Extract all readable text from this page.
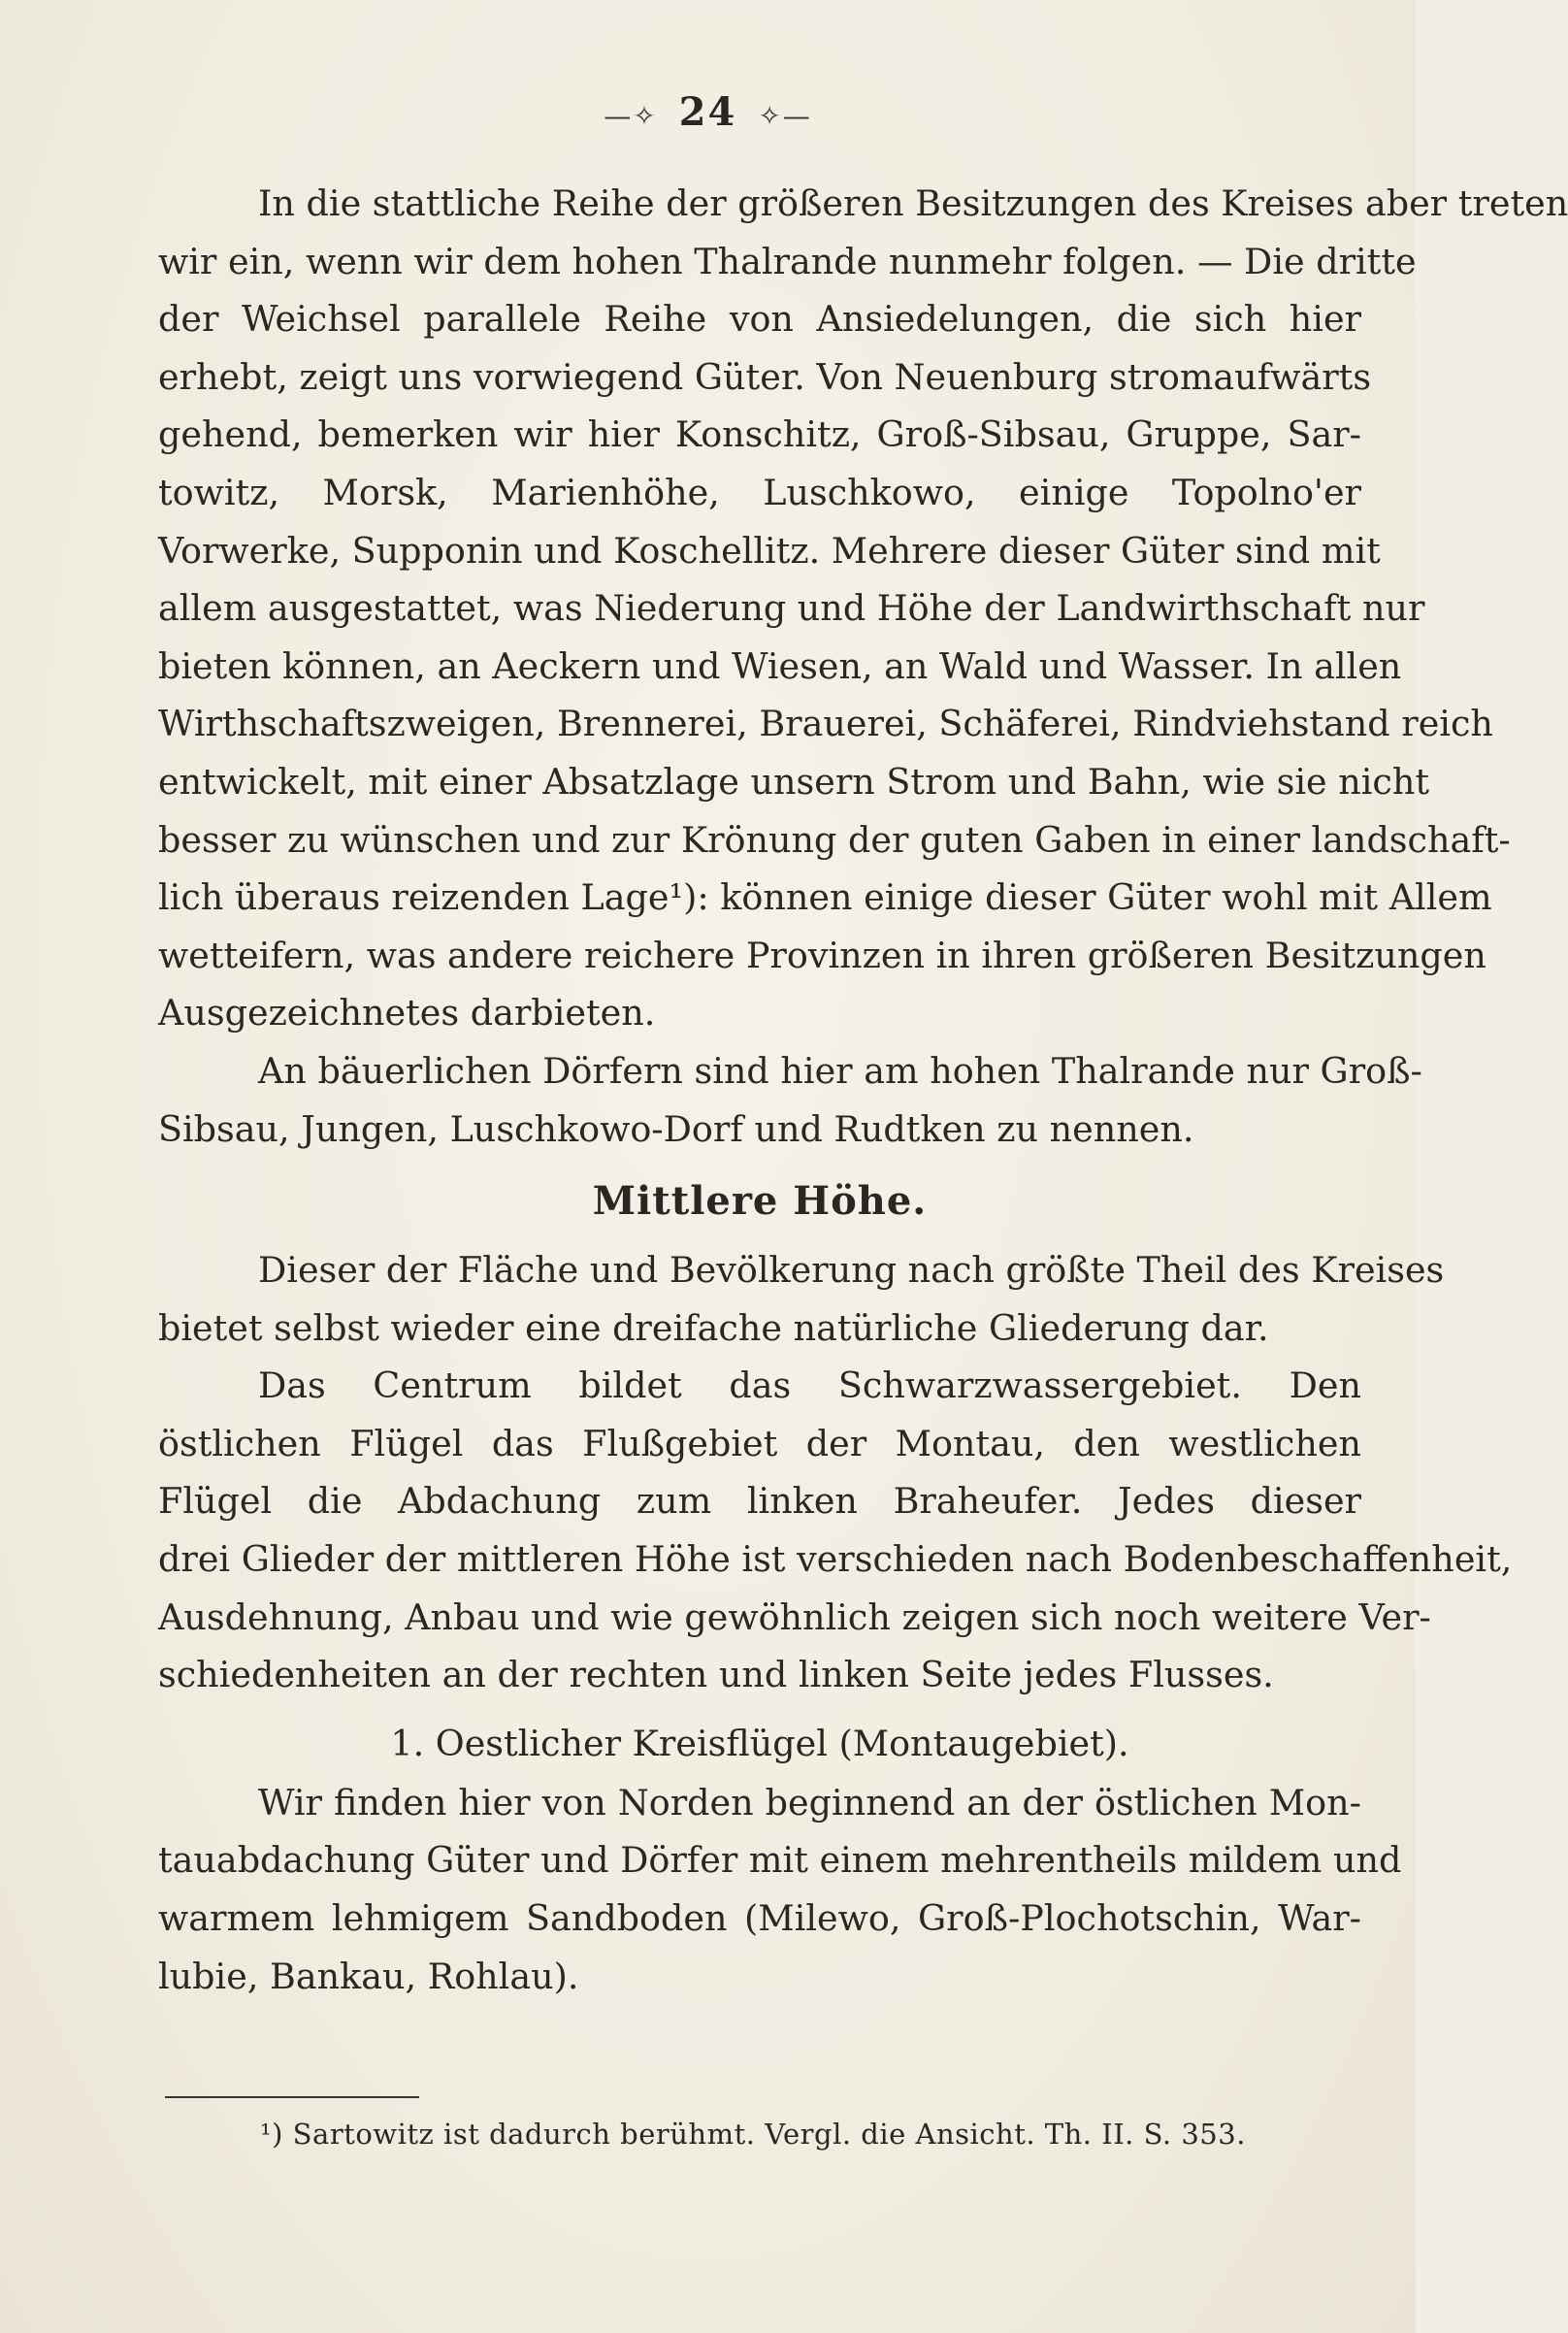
—✧ 24 ✧—
In die stattliche Reihe der größeren Besitzungen des Kreises aber treten
wir ein, wenn wir dem hohen Thalrande nunmehr folgen. — Die dritte
der Weichsel parallele Reihe von Ansiedelungen, die sich hier
erhebt, zeigt uns vorwiegend Güter. Von Neuenburg stromaufwärts
gehend, bemerken wir hier Konschitz, Groß-Sibsau, Gruppe, Sar-
towitz, Morsk, Marienhöhe, Luschkowo, einige Topolno'er
Vorwerke, Supponin und Koschellitz. Mehrere dieser Güter sind mit
allem ausgestattet, was Niederung und Höhe der Landwirthschaft nur
bieten können, an Aeckern und Wiesen, an Wald und Wasser. In allen
Wirthschaftszweigen, Brennerei, Brauerei, Schäferei, Rindviehstand reich
entwickelt, mit einer Absatzlage unsern Strom und Bahn, wie sie nicht
besser zu wünschen und zur Krönung der guten Gaben in einer landschaft-
lich überaus reizenden Lage¹): können einige dieser Güter wohl mit Allem
wetteifern, was andere reichere Provinzen in ihren größeren Besitzungen
Ausgezeichnetes darbieten.
An bäuerlichen Dörfern sind hier am hohen Thalrande nur Groß-
Sibsau, Jungen, Luschkowo-Dorf und Rudtken zu nennen.
Mittlere Höhe.
Dieser der Fläche und Bevölkerung nach größte Theil des Kreises
bietet selbst wieder eine dreifache natürliche Gliederung dar.
Das Centrum bildet das Schwarzwassergebiet. Den
östlichen Flügel das Flußgebiet der Montau, den westlichen
Flügel die Abdachung zum linken Braheufer. Jedes dieser
drei Glieder der mittleren Höhe ist verschieden nach Bodenbeschaffenheit,
Ausdehnung, Anbau und wie gewöhnlich zeigen sich noch weitere Ver-
schiedenheiten an der rechten und linken Seite jedes Flusses.
1. Oestlicher Kreisflügel (Montaugebiet).
Wir finden hier von Norden beginnend an der östlichen Mon-
tauabdachung Güter und Dörfer mit einem mehrentheils mildem und
warmem lehmigem Sandboden (Milewo, Groß-Plochotschin, War-
lubie, Bankau, Rohlau).
¹) Sartowitz ist dadurch berühmt. Vergl. die Ansicht. Th. II. S. 353.
